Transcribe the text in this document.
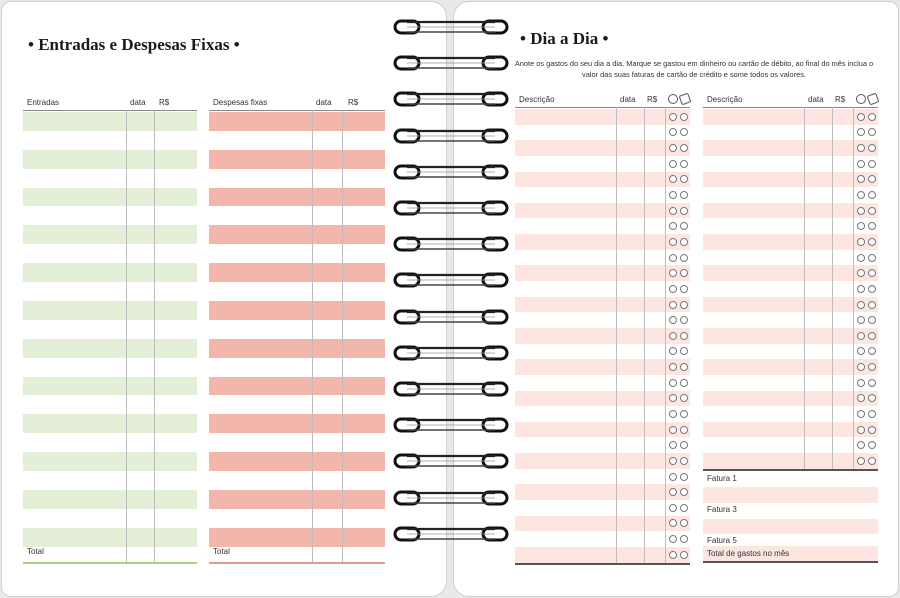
• Entradas e Despesas Fixas •	• Dia a Dia •
Anote os gastos do seu dia a dia. Marque se gastou em dinheiro ou cartão de débito, ao final do mês inclua o valor das suas faturas de cartão de crédito e some todos os valores.
Entradas	data R$
Total
Despesas fixas	data R$
Total
Descrição	data R$	Descrição	data R$
Fatura 1
Fatura 3
Fatura 5
Total de gastos no mês
